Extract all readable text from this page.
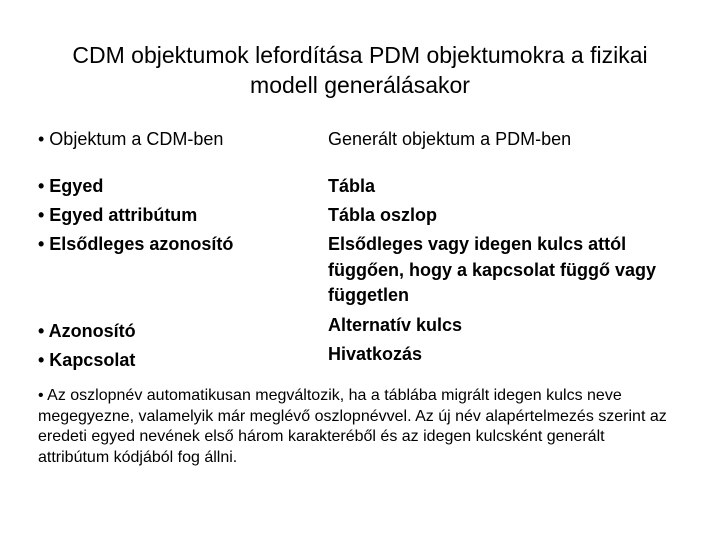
CDM objektumok lefordítása PDM objektumokra a fizikai
modell generálásakor
• Objektum a CDM-ben	Generált objektum a PDM-ben
• Egyed
• Egyed attribútum
• Elsődleges azonosító
• Azonosító
• Kapcsolat
Tábla
Tábla oszlop
Elsődleges vagy idegen kulcs attól függően, hogy a kapcsolat függő vagy független
Alternatív kulcs
Hivatkozás
• Az oszlopnév automatikusan megváltozik, ha a táblába migrált idegen kulcs neve megegyezne, valamelyik már meglévő oszlopnévvel. Az új név alapértelmezés szerint az eredeti egyed nevének első három karakteréből és az idegen kulcsként generált attribútum kódjából fog állni.
